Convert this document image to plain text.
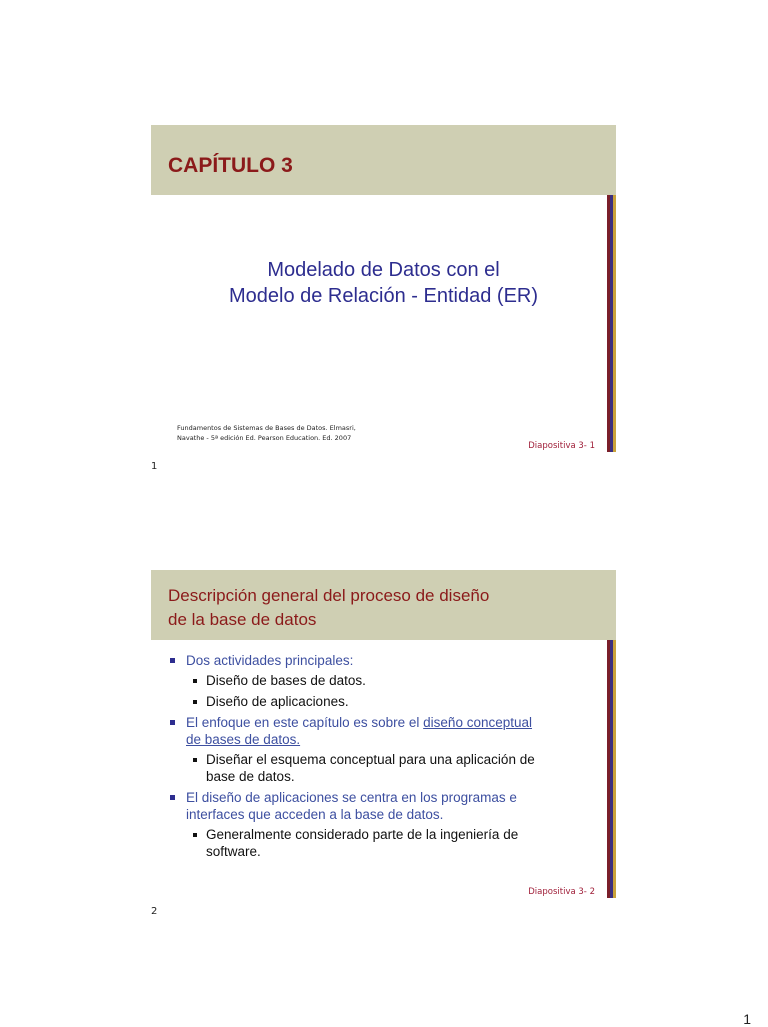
CAPÍTULO 3
Modelado de Datos con el
Modelo de Relación - Entidad (ER)
Fundamentos de Sistemas de Bases de Datos. Elmasri,
Navathe - 5ª edición Ed. Pearson Education. Ed. 2007
Diapositiva 3- 1
1
Descripción general del proceso de diseño
de la base de datos
Dos actividades principales:
Diseño de bases de datos.
Diseño de aplicaciones.
El enfoque en este capítulo es sobre el diseño conceptual
de bases de datos.
Diseñar el esquema conceptual para una aplicación de
base de datos.
El diseño de aplicaciones se centra en los programas e
interfaces que acceden a la base de datos.
Generalmente considerado parte de la ingeniería de
software.
Diapositiva 3- 2
2
1
